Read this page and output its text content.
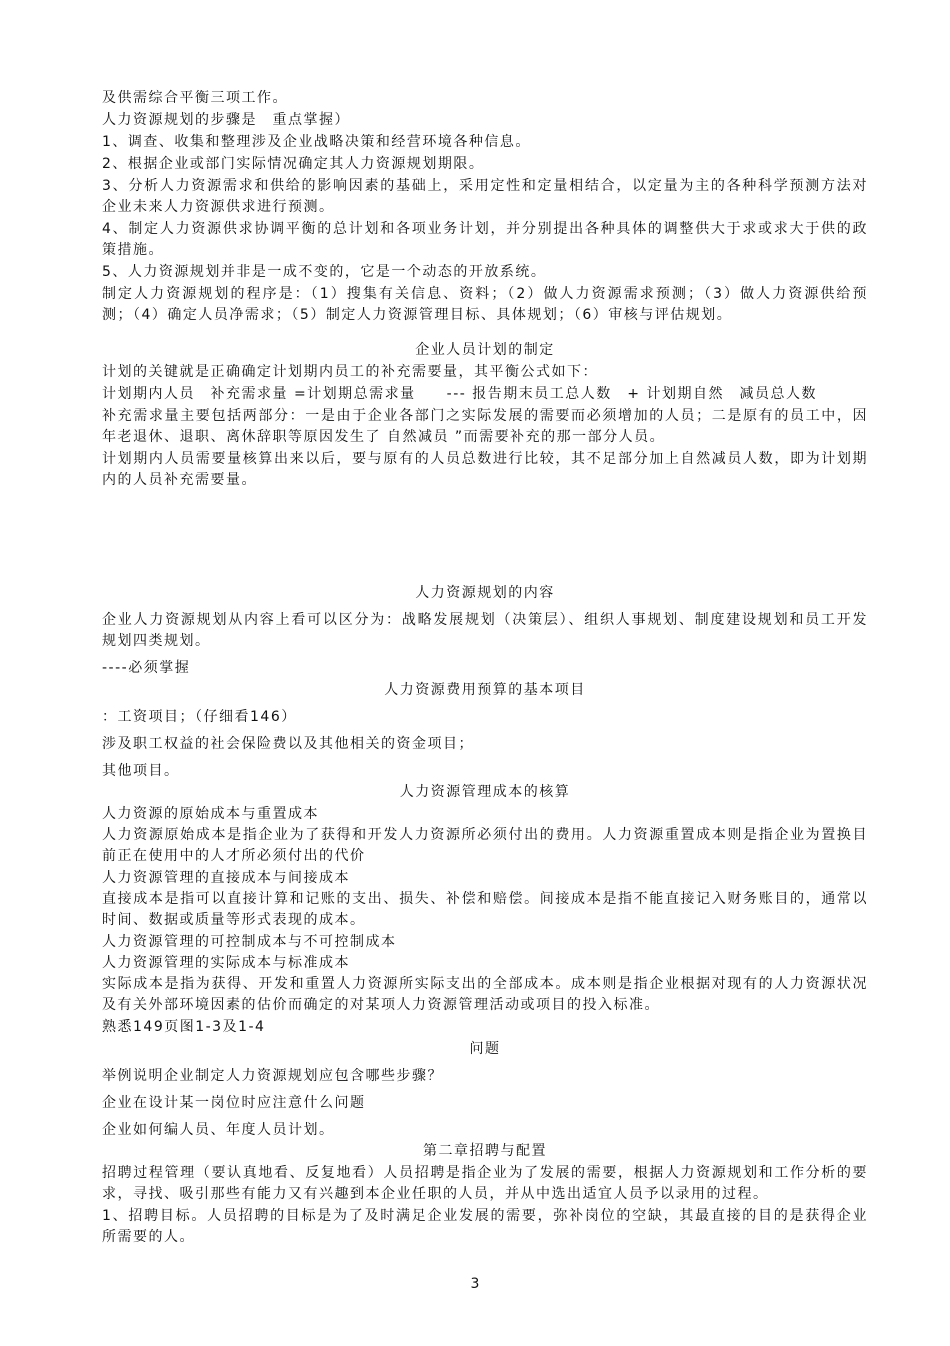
及供需综合平衡三项工作。
人力资源规划的步骤是　重点掌握）
1、调查、收集和整理涉及企业战略决策和经营环境各种信息。
2、根据企业或部门实际情况确定其人力资源规划期限。
3、分析人力资源需求和供给的影响因素的基础上，采用定性和定量相结合，以定量为主的各种科学预测方法对企业未来人力资源供求进行预测。
4、制定人力资源供求协调平衡的总计划和各项业务计划，并分别提出各种具体的调整供大于求或求大于供的政策措施。
5、人力资源规划并非是一成不变的，它是一个动态的开放系统。
制定人力资源规划的程序是：（1）搜集有关信息、资料；（2）做人力资源需求预测；（3）做人力资源供给预测；（4）确定人员净需求；（5）制定人力资源管理目标、具体规划；（6）审核与评估规划。
企业人员计划的制定
计划的关键就是正确确定计划期内员工的补充需要量，其平衡公式如下：
计划期内人员　补充需求量 =计划期总需求量　　--- 报告期末员工总人数　+ 计划期自然　减员总人数
补充需求量主要包括两部分：一是由于企业各部门之实际发展的需要而必须增加的人员；二是原有的员工中，因年老退休、退职、离休辞职等原因发生了 自然减员 ”而需要补充的那一部分人员。
计划期内人员需要量核算出来以后，要与原有的人员总数进行比较，其不足部分加上自然减员人数，即为计划期内的人员补充需要量。
人力资源规划的内容
企业人力资源规划从内容上看可以区分为：战略发展规划（决策层）、组织人事规划、制度建设规划和员工开发规划四类规划。
----必须掌握
人力资源费用预算的基本项目
：工资项目；（仔细看146）
涉及职工权益的社会保险费以及其他相关的资金项目；
其他项目。
人力资源管理成本的核算
人力资源的原始成本与重置成本
人力资源原始成本是指企业为了获得和开发人力资源所必须付出的费用。人力资源重置成本则是指企业为置换目前正在使用中的人才所必须付出的代价
人力资源管理的直接成本与间接成本
直接成本是指可以直接计算和记账的支出、损失、补偿和赔偿。间接成本是指不能直接记入财务账目的，通常以时间、数据或质量等形式表现的成本。
人力资源管理的可控制成本与不可控制成本
人力资源管理的实际成本与标准成本
实际成本是指为获得、开发和重置人力资源所实际支出的全部成本。成本则是指企业根据对现有的人力资源状况及有关外部环境因素的估价而确定的对某项人力资源管理活动或项目的投入标准。
熟悉149页图1-3及1-4
问题
举例说明企业制定人力资源规划应包含哪些步骤？
企业在设计某一岗位时应注意什么问题
企业如何编人员、年度人员计划。
第二章招聘与配置
招聘过程管理（要认真地看、反复地看）人员招聘是指企业为了发展的需要，根据人力资源规划和工作分析的要求，寻找、吸引那些有能力又有兴趣到本企业任职的人员，并从中选出适宜人员予以录用的过程。
1、招聘目标。人员招聘的目标是为了及时满足企业发展的需要，弥补岗位的空缺，其最直接的目的是获得企业所需要的人。
3
